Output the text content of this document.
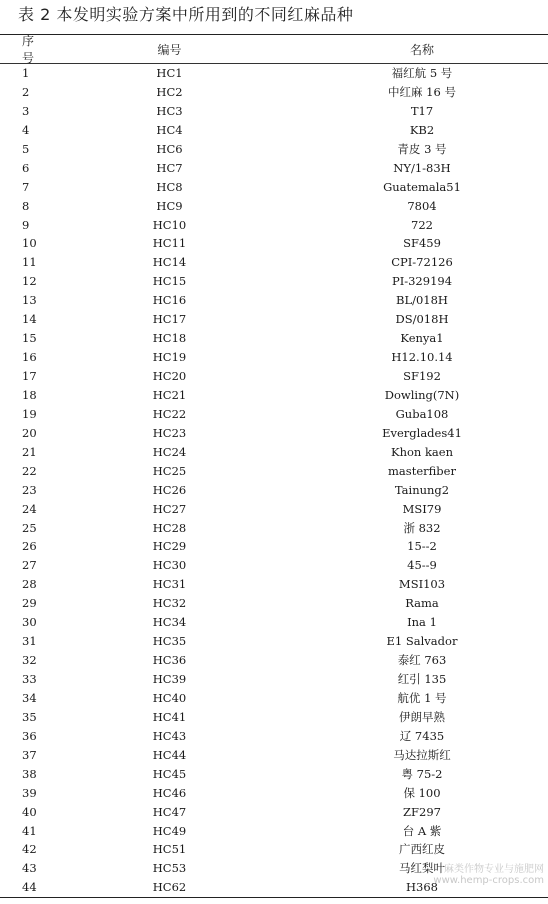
表 2 本发明实验方案中所用到的不同红麻品种
序号
编号	名称
1	HC1	福红航 5 号
2	HC2	中红麻 16 号
3	HC3	T17
4	HC4	KB2
5	HC6	青皮 3 号
6	HC7	NY/1-83H
7	HC8	Guatemala51
8	HC9	7804
9	HC10	722
10	HC11	SF459
11	HC14	CPI-72126
12	HC15	PI-329194
13	HC16	BL/018H
14	HC17	DS/018H
15	HC18	Kenya1
16	HC19	H12.10.14
17	HC20	SF192
18	HC21	Dowling(7N)
19	HC22	Guba108
20	HC23	Everglades41
21	HC24	Khon kaen
22	HC25	masterfiber
23	HC26	Tainung2
24	HC27	MSI79
25	HC28	浙 832
26	HC29	15--2
27	HC30	45--9
28	HC31	MSI103
29	HC32	Rama
30	HC34	Ina 1
31	HC35	E1 Salvador
32	HC36	泰红 763
33	HC39	红引 135
34	HC40	航优 1 号
35	HC41	伊朗早熟
36	HC43	辽 7435
37	HC44	马达拉斯红
38	HC45	粤 75-2
39	HC46	保 100
40	HC47	ZF297
41	HC49	台 A 紫
42	HC51	广西红皮
43	HC53	马红梨叶
44	HC62	H368
麻类作物专业与施肥网
www.hemp-crops.com
